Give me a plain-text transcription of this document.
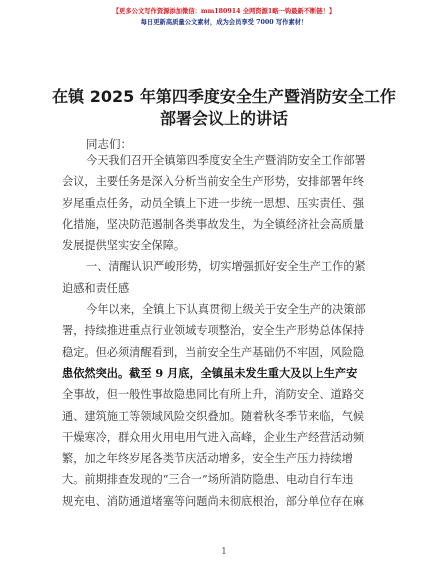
【更多公文写作资源添加微信：mm180914 全网资源1略一钩最新不断链！】
每日更新高质量公文素材，成为会员享受 7000 写作素材！
在镇 2025 年第四季度安全生产暨消防安全工作
部署会议上的讲话
同志们：
今天我们召开全镇第四季度安全生产暨消防安全工作部署
会议，主要任务是深入分析当前安全生产形势，安排部署年终
岁尾重点任务，动员全镇上下进一步统一思想、压实责任、强
化措施，坚决防范遏制各类事故发生，为全镇经济社会高质量
发展提供坚实安全保障。
一、清醒认识严峻形势，切实增强抓好安全生产工作的紧
迫感和责任感
今年以来，全镇上下认真贯彻上级关于安全生产的决策部
署，持续推进重点行业领域专项整治，安全生产形势总体保持
稳定。但必须清醒看到，当前安全生产基础仍不牢固，风险隐
患依然突出。截至 9 月底，全镇虽未发生重大及以上生产安
全事故，但一般性事故隐患同比有所上升，消防安全、道路交
通、建筑施工等领域风险交织叠加。随着秋冬季节来临，气候
干燥寒冷，群众用火用电用气进入高峰，企业生产经营活动频
繁，加之年终岁尾各类节庆活动增多，安全生产压力持续增
大。前期排查发现的“三合一”场所消防隐患、电动自行车违
规充电、消防通道堵塞等问题尚未彻底根治，部分单位存在麻
1
